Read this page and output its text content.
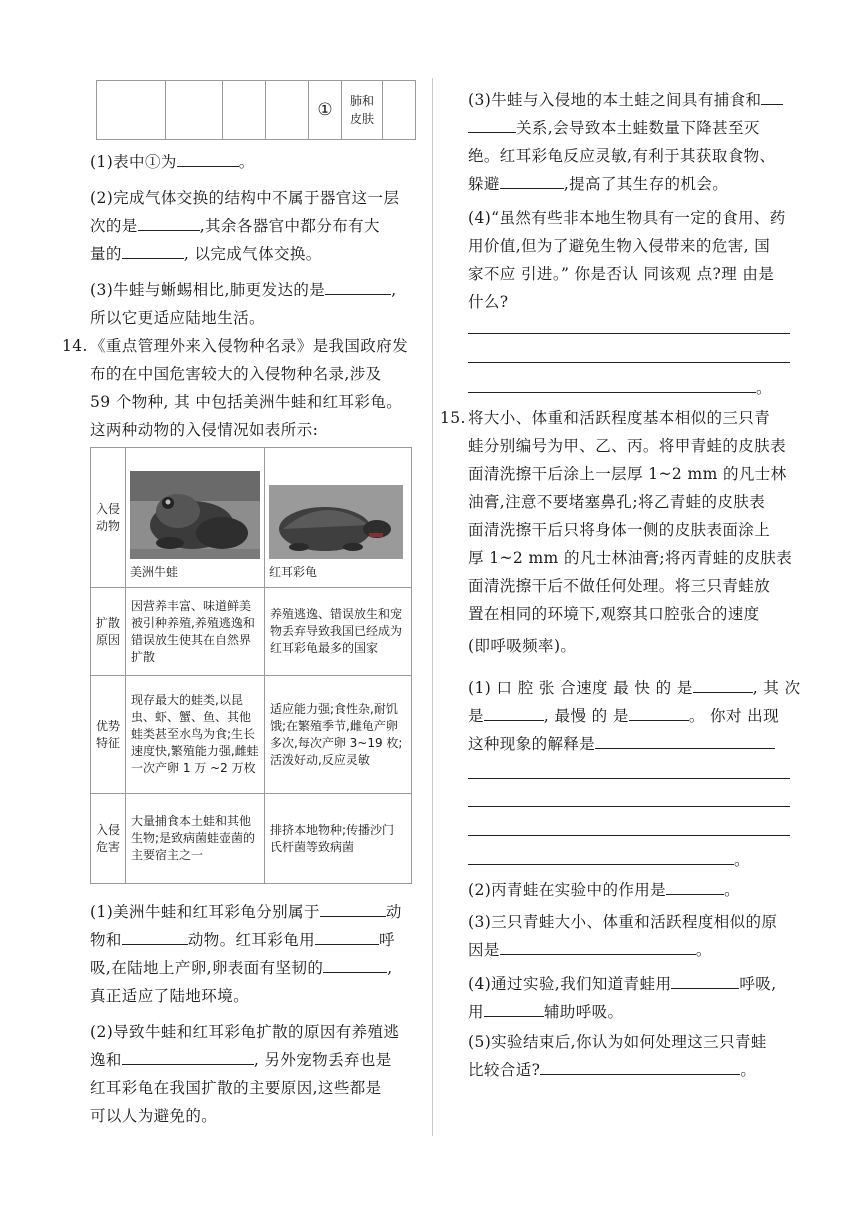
				①	肺和
皮肤	
(1)表中①为	。
(2)完成气体交换的结构中不属于器官这一层
次的是	,其余各器官中都分布有大
量的	, 以完成气体交换。
(3)牛蛙与蜥蜴相比,肺更发达的是	,
所以它更适应陆地生活。
14. 《重点管理外来入侵物种名录》是我国政府发
布的在中国危害较大的入侵物种名录,涉及
59 个物种, 其 中包括美洲牛蛙和红耳彩龟。
这两种动物的入侵情况如表所示:
入侵
动物	美洲牛蛙	红耳彩龟

扩散
原因	因营养丰富、味道鲜美被引种养殖,养殖逃逸和错误放生使其在自然界扩散	养殖逃逸、错误放生和宠物丢弃导致我国已经成为红耳彩龟最多的国家
优势
特征	现存最大的蛙类,以昆虫、虾、蟹、鱼、其他蛙类甚至水鸟为食;生长速度快,繁殖能力强,雌蛙一次产卵 1 万 ~2 万枚	适应能力强;食性杂,耐饥饿;在繁殖季节,雌龟产卵多次,每次产卵 3~19 枚;活泼好动,反应灵敏
入侵
危害	大量捕食本土蛙和其他生物;是致病菌蛙壶菌的主要宿主之一	排挤本地物种;传播沙门氏杆菌等致病菌
(1)美洲牛蛙和红耳彩龟分别属于	动
物和	动物。红耳彩龟用	呼
吸,在陆地上产卵,卵表面有坚韧的	,
真正适应了陆地环境。
(2)导致牛蛙和红耳彩龟扩散的原因有养殖逃
逸和	, 另外宠物丢弃也是
红耳彩龟在我国扩散的主要原因,这些都是
可以人为避免的。
(3)牛蛙与入侵地的本土蛙之间具有捕食和
关系,会导致本土蛙数量下降甚至灭
绝。红耳彩龟反应灵敏,有利于其获取食物、
躲避	,提高了其生存的机会。
(4)“虽然有些非本地生物具有一定的食用、药
用价值,但为了避免生物入侵带来的危害, 国
家不应 引进。” 你是否认 同该观 点?理 由是
什么?
。
15. 将大小、体重和活跃程度基本相似的三只青
蛙分别编号为甲、乙、丙。将甲青蛙的皮肤表
面清洗擦干后涂上一层厚 1~2 mm 的凡士林
油膏,注意不要堵塞鼻孔;将乙青蛙的皮肤表
面清洗擦干后只将身体一侧的皮肤表面涂上
厚 1~2 mm 的凡士林油膏;将丙青蛙的皮肤表
面清洗擦干后不做任何处理。将三只青蛙放
置在相同的环境下,观察其口腔张合的速度
(即呼吸频率)。
(1) 口 腔 张 合速度 最 快 的 是	, 其 次
是	, 最慢 的 是	。 你对 出现
这种现象的解释是
。
(2)丙青蛙在实验中的作用是	。
(3)三只青蛙大小、体重和活跃程度相似的原
因是	。
(4)通过实验,我们知道青蛙用	呼吸,
用	辅助呼吸。
(5)实验结束后,你认为如何处理这三只青蛙
比较合适?	。
